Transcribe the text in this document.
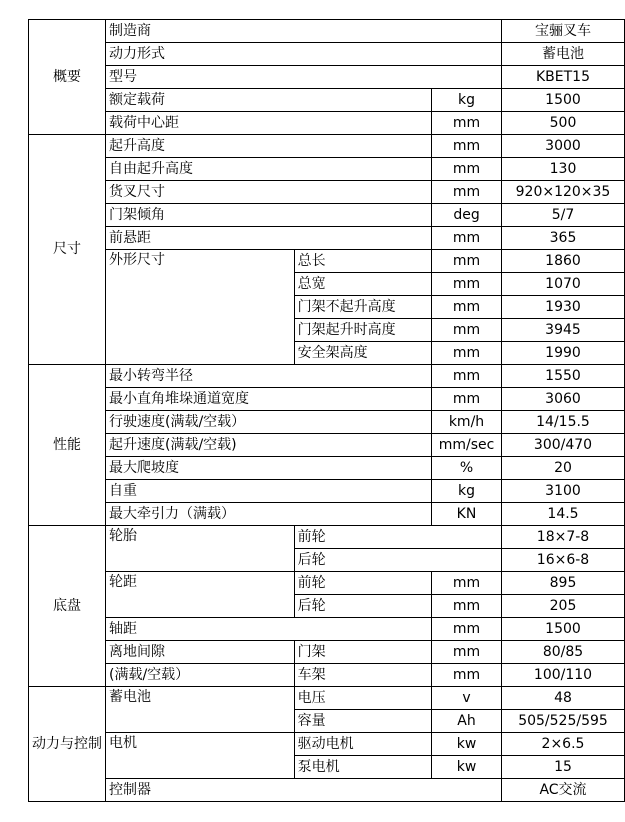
概要	制造商			宝骊叉车
	动力形式			蓄电池
	型号			KBET15
	额定载荷		kg	1500
	载荷中心距		mm	500
尺寸	起升高度		mm	3000
	自由起升高度		mm	130
	货叉尺寸		mm	920×120×35
	门架倾角		deg	5/7
	前悬距		mm	365
	外形尺寸	总长	mm	1860
		总宽	mm	1070
		门架不起升高度	mm	1930
		门架起升时高度	mm	3945
		安全架高度	mm	1990
性能	最小转弯半径		mm	1550
	最小直角堆垛通道宽度		mm	3060
	行驶速度(满载/空载）		km/h	14/15.5
	起升速度(满载/空载)		mm/sec	300/470
	最大爬坡度		%	20
	自重		kg	3100
	最大牵引力（满载）		KN	14.5
底盘	轮胎	前轮		18×7-8
		后轮		16×6-8
	轮距	前轮	mm	895
		后轮	mm	205
	轴距		mm	1500
	离地间隙	门架	mm	80/85
	(满载/空载）	车架	mm	100/110
动力与控制	蓄电池	电压	v	48
		容量	Ah	505/525/595
	电机	驱动电机	kw	2×6.5
		泵电机	kw	15
	控制器			AC交流
